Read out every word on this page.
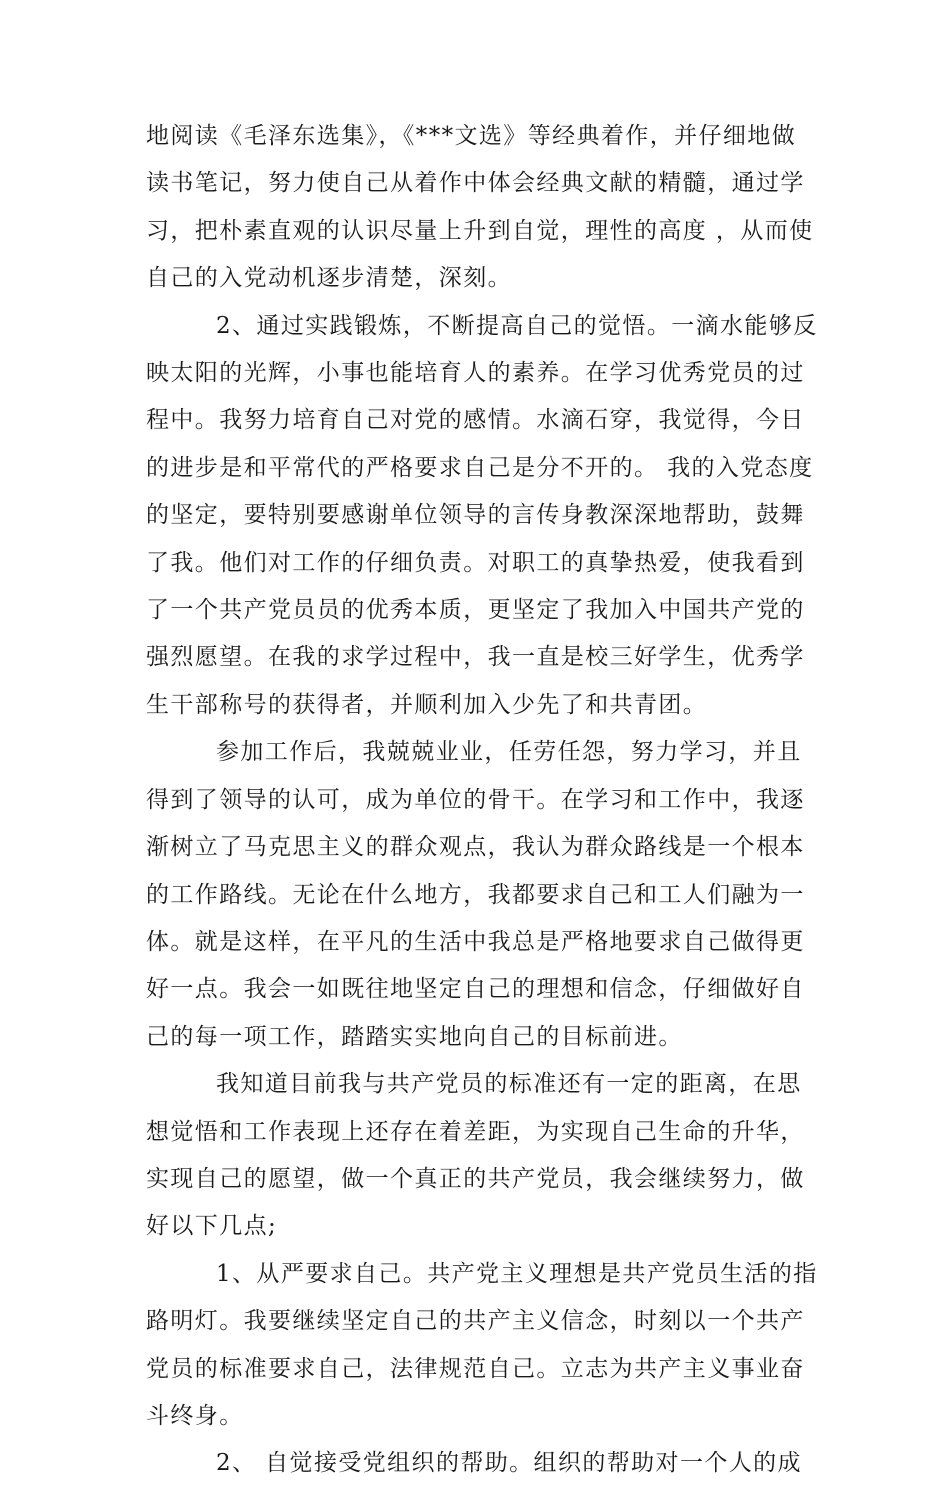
地阅读《毛泽东选集》，《***文选》等经典着作，并仔细地做
读书笔记，努力使自己从着作中体会经典文献的精髓，通过学
习，把朴素直观的认识尽量上升到自觉，理性的高度 ，从而使
自己的入党动机逐步清楚，深刻。
2、通过实践锻炼，不断提高自己的觉悟。一滴水能够反
映太阳的光辉，小事也能培育人的素养。在学习优秀党员的过
程中。我努力培育自己对党的感情。水滴石穿，我觉得，今日
的进步是和平常代的严格要求自己是分不开的。 我的入党态度
的坚定，要特别要感谢单位领导的言传身教深深地帮助，鼓舞
了我。他们对工作的仔细负责。对职工的真挚热爱，使我看到
了一个共产党员员的优秀本质，更坚定了我加入中国共产党的
强烈愿望。在我的求学过程中，我一直是校三好学生，优秀学
生干部称号的获得者，并顺利加入少先了和共青团。
参加工作后，我兢兢业业，任劳任怨，努力学习，并且
得到了领导的认可，成为单位的骨干。在学习和工作中，我逐
渐树立了马克思主义的群众观点，我认为群众路线是一个根本
的工作路线。无论在什么地方，我都要求自己和工人们融为一
体。就是这样，在平凡的生活中我总是严格地要求自己做得更
好一点。我会一如既往地坚定自己的理想和信念，仔细做好自
己的每一项工作，踏踏实实地向自己的目标前进。
我知道目前我与共产党员的标准还有一定的距离，在思
想觉悟和工作表现上还存在着差距，为实现自己生命的升华，
实现自己的愿望，做一个真正的共产党员，我会继续努力，做
好以下几点;
1、从严要求自己。共产党主义理想是共产党员生活的指
路明灯。我要继续坚定自己的共产主义信念，时刻以一个共产
党员的标准要求自己，法律规范自己。立志为共产主义事业奋
斗终身。
2、 自觉接受党组织的帮助。组织的帮助对一个人的成
